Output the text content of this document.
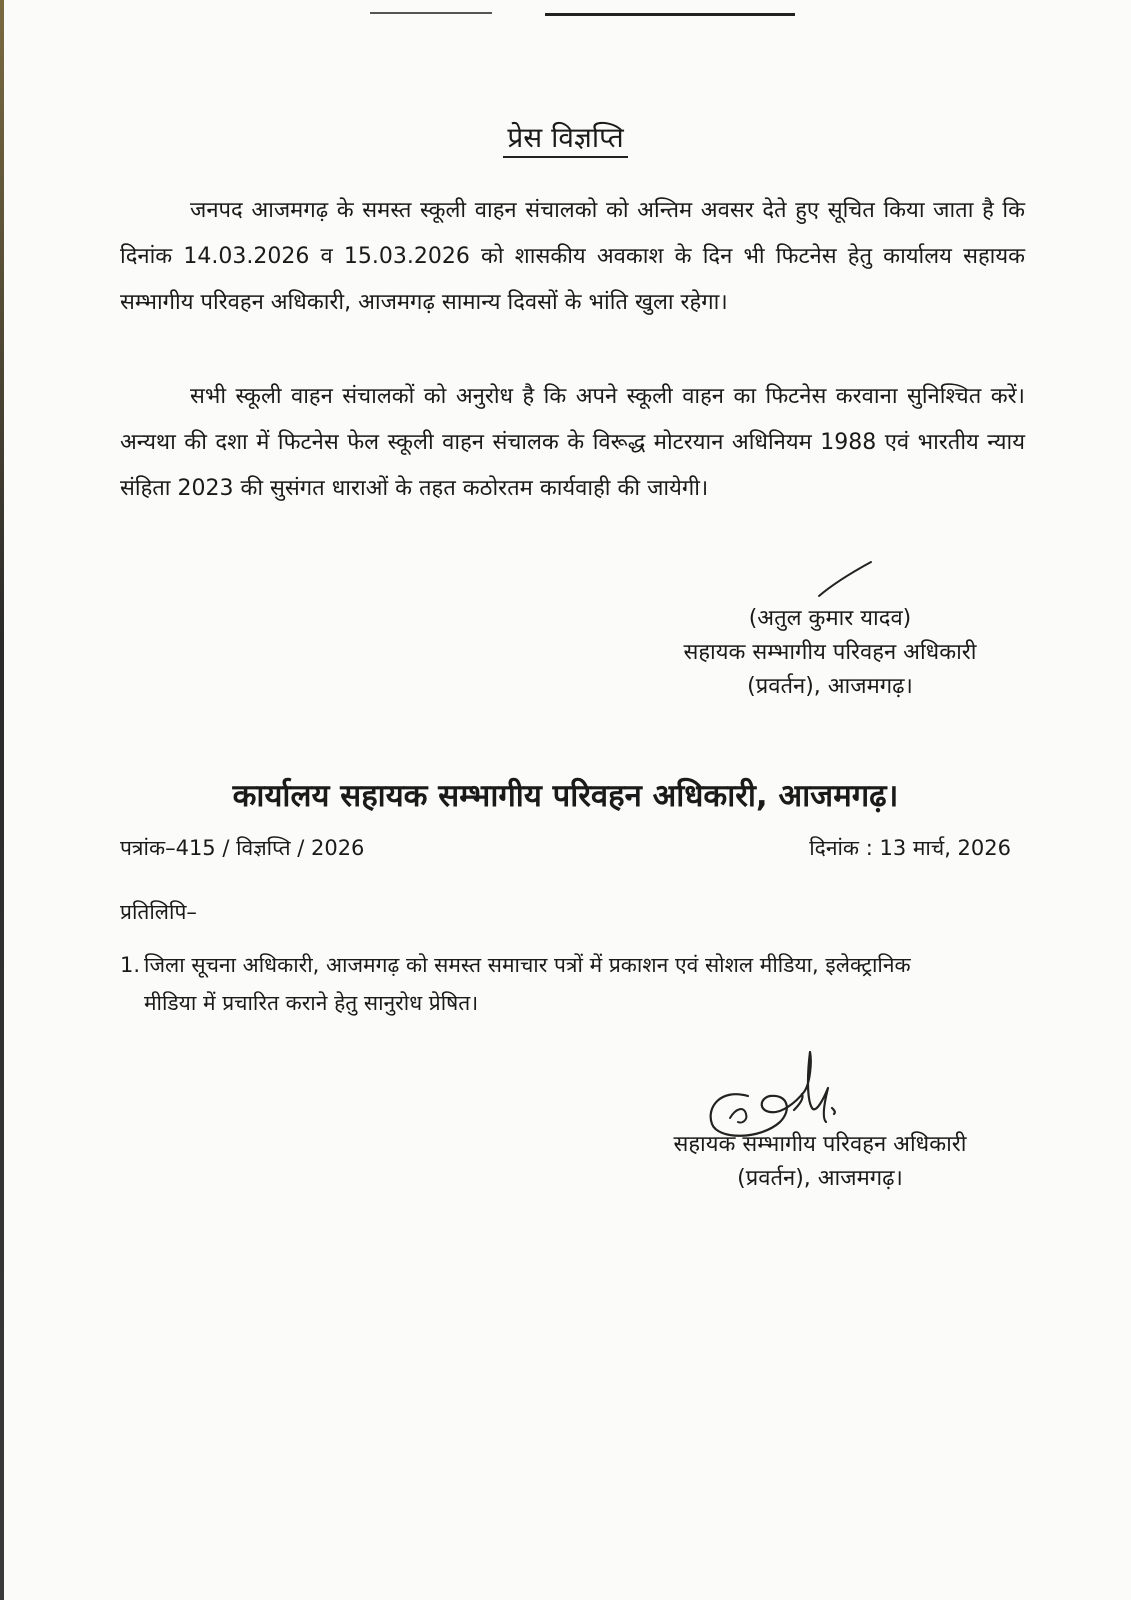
प्रेस विज्ञप्ति

जनपद आजमगढ़ के समस्त स्कूली वाहन संचालको को अन्तिम अवसर देते हुए सूचित किया जाता है कि दिनांक 14.03.2026 व 15.03.2026 को शासकीय अवकाश के दिन भी फिटनेस हेतु कार्यालय सहायक सम्भागीय परिवहन अधिकारी, आजमगढ़ सामान्य दिवसों के भांति खुला रहेगा।

सभी स्कूली वाहन संचालकों को अनुरोध है कि अपने स्कूली वाहन का फिटनेस करवाना सुनिश्चित करें। अन्यथा की दशा में फिटनेस फेल स्कूली वाहन संचालक के विरूद्ध मोटरयान अधिनियम 1988 एवं भारतीय न्याय संहिता 2023 की सुसंगत धाराओं के तहत कठोरतम कार्यवाही की जायेगी।

(अतुल कुमार यादव)
सहायक सम्भागीय परिवहन अधिकारी
(प्रवर्तन), आजमगढ़।
कार्यालय सहायक सम्भागीय परिवहन अधिकारी, आजमगढ़।
पत्रांक–415 / विज्ञप्ति / 2026	दिनांक : 13 मार्च, 2026
प्रतिलिपि–
1. जिला सूचना अधिकारी, आजमगढ़ को समस्त समाचार पत्रों में प्रकाशन एवं सोशल मीडिया, इलेक्ट्रानिक मीडिया में प्रचारित कराने हेतु सानुरोध प्रेषित।
सहायक सम्भागीय परिवहन अधिकारी
(प्रवर्तन), आजमगढ़।
